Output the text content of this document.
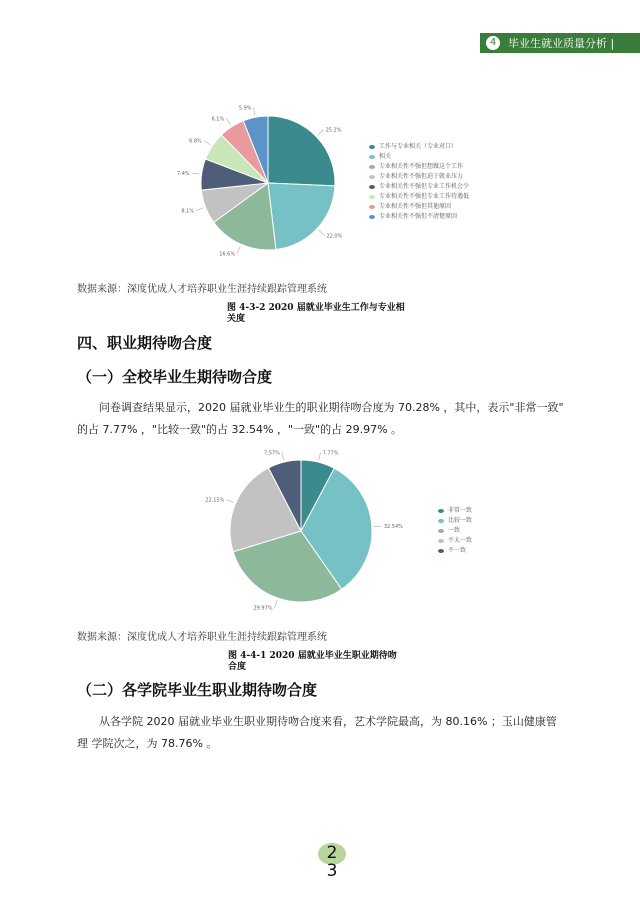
4	毕业生就业质量分析 |
25.2%
22.0%
16.6%
8.1%
7.4%
6.8%
6.1%
5.9%
工作与专业相关（专业对口）
相关
专业相关性不强但想做这个工作
专业相关性不强但迫于就业压力
专业相关性不强但专业工作机会少
专业相关性不强但专业工作待遇低
专业相关性不强但其他原因
专业相关性不强但不清楚原因
数据来源：深度优成人才培养职业生涯持续跟踪管理系统
图 4-3-2 2020 届就业毕业生工作与专业相
关度
四、职业期待吻合度
（一）全校毕业生期待吻合度
问卷调查结果显示，2020 届就业毕业生的职业期待吻合度为 70.28% ，其中，表示"非常一致"
的占 7.77% ，"比较一致"的占 32.54% ，"一致"的占 29.97% 。
7.77%
32.54%
29.97%
22.15%
7.57%
非常一致
比较一致
一致
不太一致
不一致
数据来源：深度优成人才培养职业生涯持续跟踪管理系统
图 4-4-1 2020 届就业毕业生职业期待吻
合度
（二）各学院毕业生职业期待吻合度
从各学院 2020 届就业毕业生职业期待吻合度来看，艺术学院最高，为 80.16% ；玉山健康管
理 学院次之，为 78.76% 。
2
3
